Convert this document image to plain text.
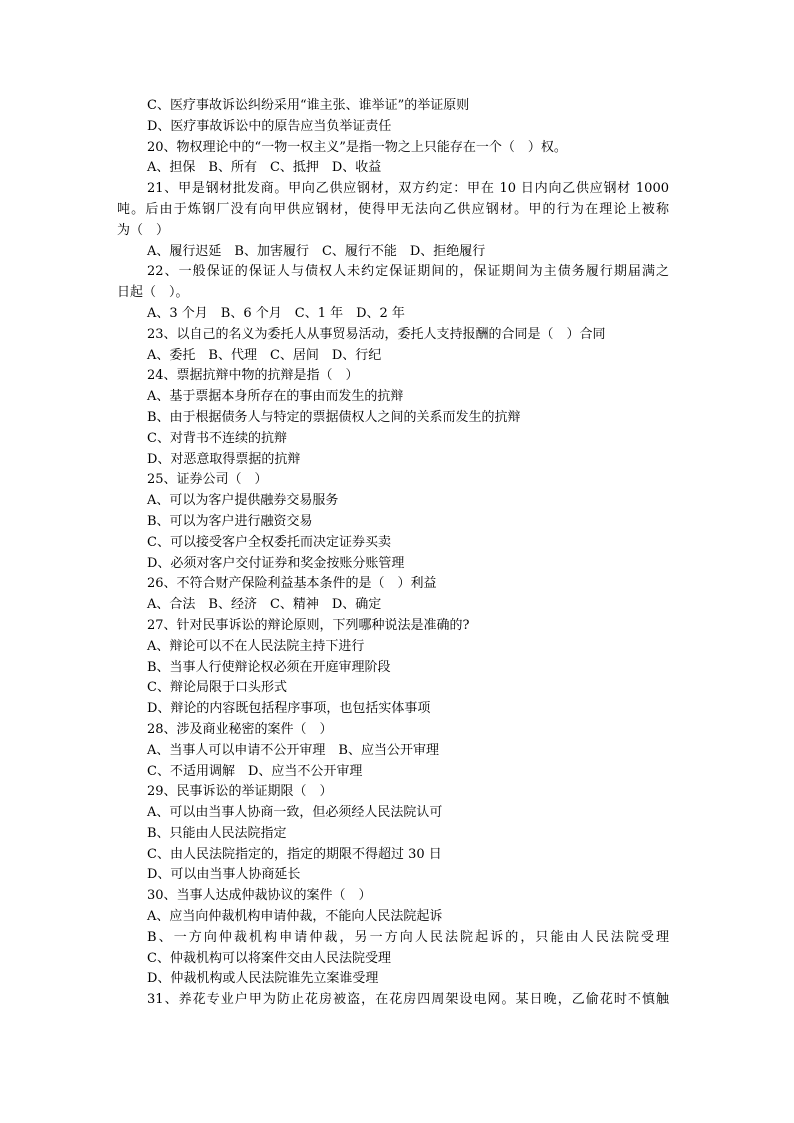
C、医疗事故诉讼纠纷采用“谁主张、谁举证”的举证原则
D、医疗事故诉讼中的原告应当负举证责任
20、物权理论中的“一物一权主义”是指一物之上只能存在一个（　）权。
A、担保　B、所有　C、抵押　D、收益
21、甲是钢材批发商。甲向乙供应钢材，双方约定：甲在 10 日内向乙供应钢材 1000
吨。后由于炼钢厂没有向甲供应钢材，使得甲无法向乙供应钢材。甲的行为在理论上被称
为（　）
A、履行迟延　B、加害履行　C、履行不能　D、拒绝履行
22、一般保证的保证人与债权人未约定保证期间的，保证期间为主债务履行期届满之
日起（　）。
A、3 个月　B、6 个月　C、1 年　D、2 年
23、以自己的名义为委托人从事贸易活动，委托人支持报酬的合同是（　）合同
A、委托　B、代理　C、居间　D、行纪
24、票据抗辩中物的抗辩是指（　）
A、基于票据本身所存在的事由而发生的抗辩
B、由于根据债务人与特定的票据债权人之间的关系而发生的抗辩
C、对背书不连续的抗辩
D、对恶意取得票据的抗辩
25、证券公司（　）
A、可以为客户提供融券交易服务
B、可以为客户进行融资交易
C、可以接受客户全权委托而决定证券买卖
D、必须对客户交付证券和奖金按账分账管理
26、不符合财产保险利益基本条件的是（　）利益
A、合法　B、经济　C、精神　D、确定
27、针对民事诉讼的辩论原则，下列哪种说法是准确的?
A、辩论可以不在人民法院主持下进行
B、当事人行使辩论权必须在开庭审理阶段
C、辩论局限于口头形式
D、辩论的内容既包括程序事项，也包括实体事项
28、涉及商业秘密的案件（　）
A、当事人可以申请不公开审理　B、应当公开审理
C、不适用调解　D、应当不公开审理
29、民事诉讼的举证期限（　）
A、可以由当事人协商一致，但必须经人民法院认可
B、只能由人民法院指定
C、由人民法院指定的，指定的期限不得超过 30 日
D、可以由当事人协商延长
30、当事人达成仲裁协议的案件（　）
A、应当向仲裁机构申请仲裁，不能向人民法院起诉
B、一方向仲裁机构申请仲裁，另一方向人民法院起诉的，只能由人民法院受理
C、仲裁机构可以将案件交由人民法院受理
D、仲裁机构或人民法院谁先立案谁受理
31、养花专业户甲为防止花房被盗，在花房四周架设电网。某日晚，乙偷花时不慎触
